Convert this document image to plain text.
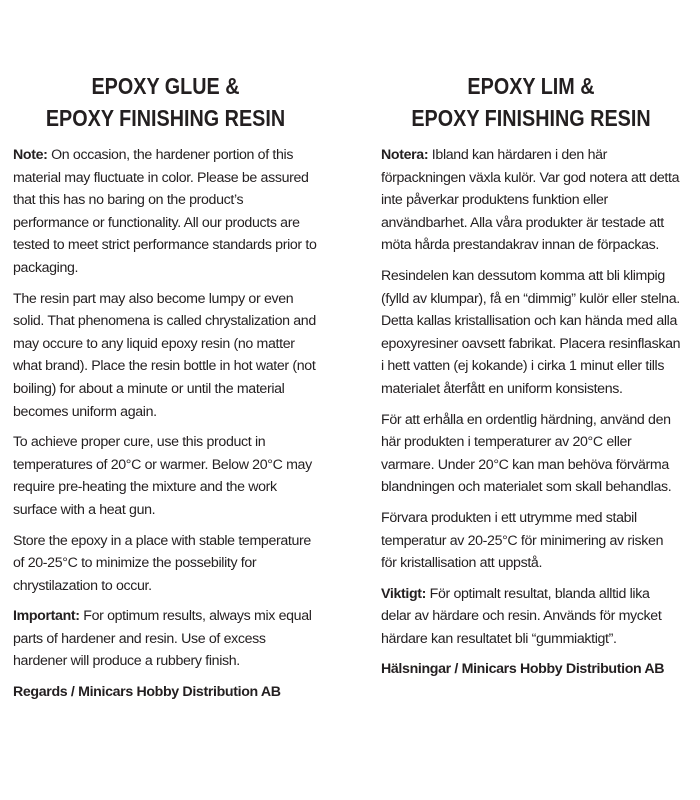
EPOXY GLUE &
EPOXY FINISHING RESIN

Note: On occasion, the hardener portion of this material may fluctuate in color. Please be assured that this has no baring on the product’s performance or functionality. All our products are tested to meet strict performance standards prior to packaging.

The resin part may also become lumpy or even solid. That phenomena is called chrystalization and may occure to any liquid epoxy resin (no matter what brand). Place the resin bottle in hot water (not boiling) for about a minute or until the material becomes uniform again.

To achieve proper cure, use this product in temperatures of 20°C or warmer. Below 20°C may require pre-heating the mixture and the work surface with a heat gun.

Store the epoxy in a place with stable temperature of 20-25°C to minimize the possebility for chrystilazation to occur.

Important: For optimum results, always mix equal parts of hardener and resin. Use of excess hardener will produce a rubbery finish.

Regards / Minicars Hobby Distribution AB

EPOXY LIM &
EPOXY FINISHING RESIN

Notera: Ibland kan härdaren i den här förpackningen växla kulör. Var god notera att detta inte påverkar produktens funktion eller användbarhet. Alla våra produkter är testade att möta hårda prestandakrav innan de förpackas.

Resindelen kan dessutom komma att bli klimpig (fylld av klumpar), få en “dimmig” kulör eller stelna. Detta kallas kristallisation och kan hända med alla epoxyresiner oavsett fabrikat. Placera resinflaskan i hett vatten (ej kokande) i cirka 1 minut eller tills materialet återfått en uniform konsistens.

För att erhålla en ordentlig härdning, använd den här produkten i temperaturer av 20°C eller varmare. Under 20°C kan man behöva förvärma blandningen och materialet som skall behandlas.

Förvara produkten i ett utrymme med stabil temperatur av 20-25°C för minimering av risken för kristallisation att uppstå.

Viktigt: För optimalt resultat, blanda alltid lika delar av härdare och resin. Används för mycket härdare kan resultatet bli “gummiaktigt”.

Hälsningar / Minicars Hobby Distribution AB
